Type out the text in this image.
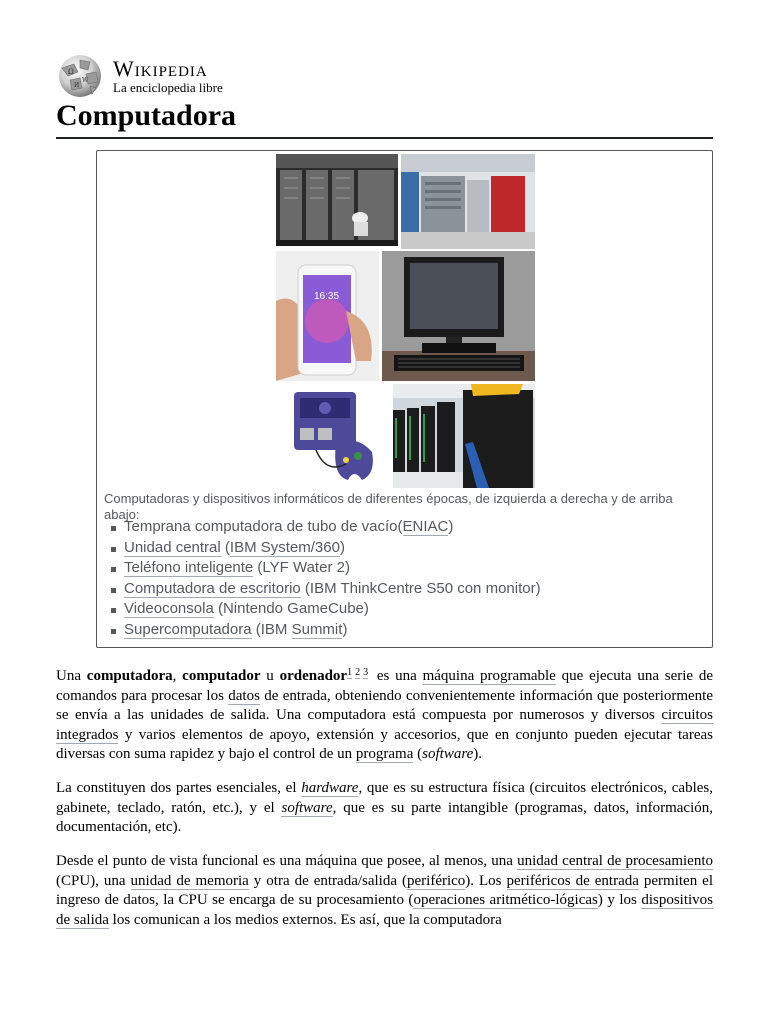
Ω
W
И
Wikipedia
La enciclopedia libre
Computadora
16:35
Computadoras y dispositivos informáticos de diferentes épocas, de izquierda a derecha y de arriba abajo:
Temprana computadora de tubo de vacío(ENIAC)
Unidad central (IBM System/360)
Teléfono inteligente (LYF Water 2)
Computadora de escritorio (IBM ThinkCentre S50 con monitor)
Videoconsola (Nintendo GameCube)
Supercomputadora (IBM Summit)

Una computadora, computador u ordenador$^{1 2 3}$ es una máquina programable que ejecuta una serie de comandos para procesar los datos de entrada, obteniendo convenientemente información que posteriormente se envía a las unidades de salida. Una computadora está compuesta por numerosos y diversos circuitos integrados y varios elementos de apoyo, extensión y accesorios, que en conjunto pueden ejecutar tareas diversas con suma rapidez y bajo el control de un programa (software).

La constituyen dos partes esenciales, el hardware, que es su estructura física (circuitos electrónicos, cables, gabinete, teclado, ratón, etc.), y el software, que es su parte intangible (programas, datos, información, documentación, etc).

Desde el punto de vista funcional es una máquina que posee, al menos, una unidad central de procesamiento (CPU), una unidad de memoria y otra de entrada/salida (periférico). Los periféricos de entrada permiten el ingreso de datos, la CPU se encarga de su procesamiento (operaciones aritmético-lógicas) y los dispositivos de salida los comunican a los medios externos. Es así, que la computadora
